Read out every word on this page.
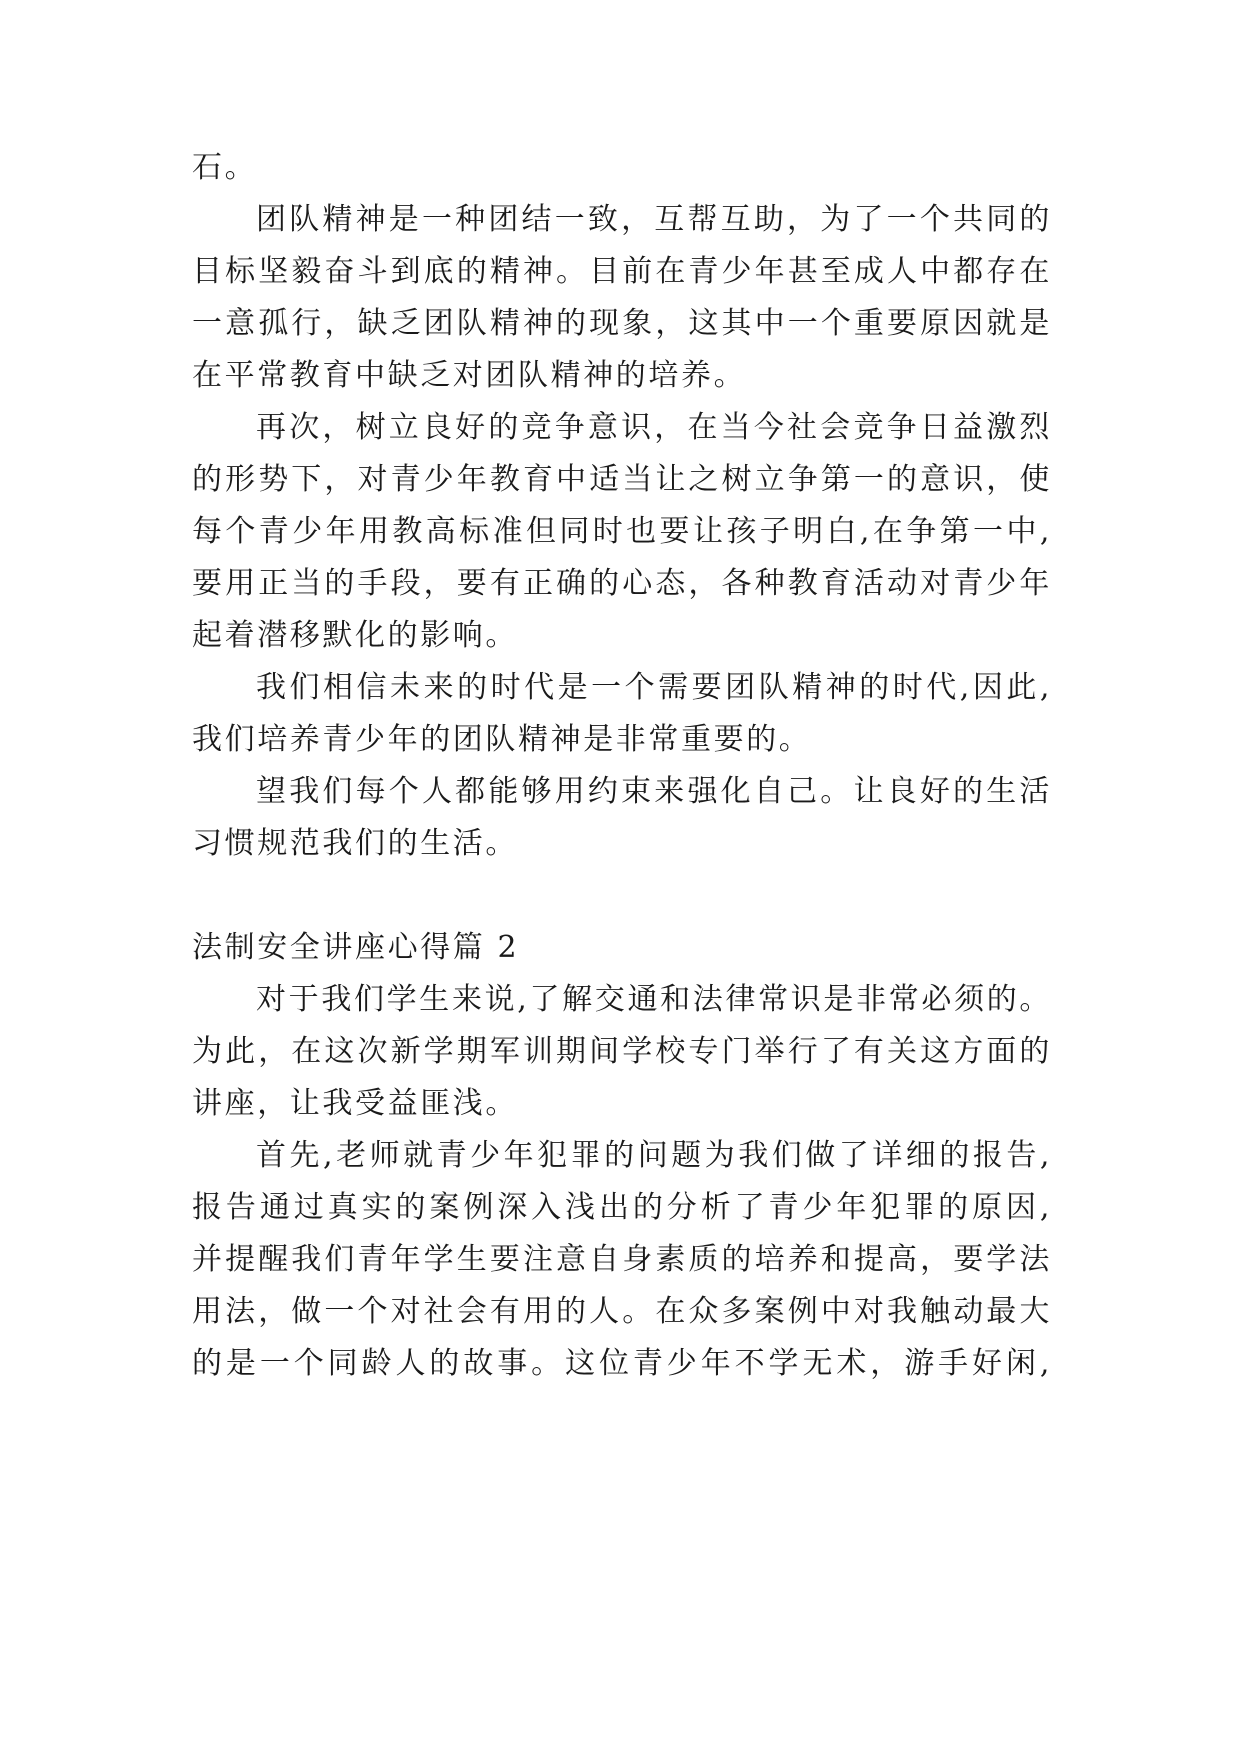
石。
团队精神是一种团结一致，互帮互助，为了一个共同的
目标坚毅奋斗到底的精神。目前在青少年甚至成人中都存在
一意孤行，缺乏团队精神的现象，这其中一个重要原因就是
在平常教育中缺乏对团队精神的培养。
再次，树立良好的竞争意识，在当今社会竞争日益激烈
的形势下，对青少年教育中适当让之树立争第一的意识，使
每个青少年用教高标准但同时也要让孩子明白,在争第一中,
要用正当的手段，要有正确的心态，各种教育活动对青少年
起着潜移默化的影响。
我们相信未来的时代是一个需要团队精神的时代,因此,
我们培养青少年的团队精神是非常重要的。
望我们每个人都能够用约束来强化自己。让良好的生活
习惯规范我们的生活。
法制安全讲座心得篇 2
对于我们学生来说,了解交通和法律常识是非常必须的。
为此，在这次新学期军训期间学校专门举行了有关这方面的
讲座，让我受益匪浅。
首先,老师就青少年犯罪的问题为我们做了详细的报告,
报告通过真实的案例深入浅出的分析了青少年犯罪的原因,
并提醒我们青年学生要注意自身素质的培养和提高，要学法
用法，做一个对社会有用的人。在众多案例中对我触动最大
的是一个同龄人的故事。这位青少年不学无术，游手好闲,
